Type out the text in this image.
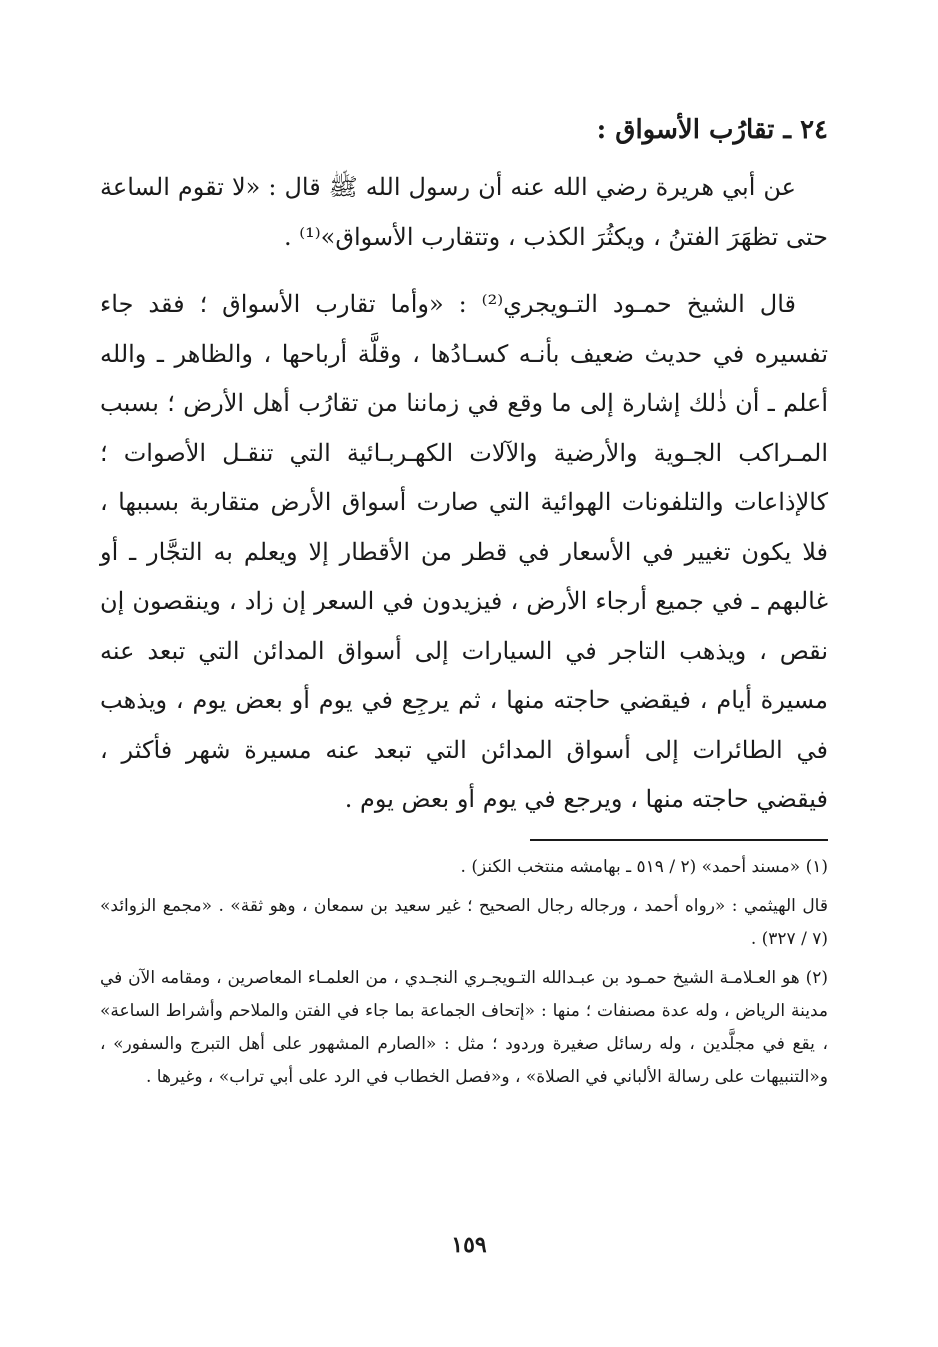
٢٤ ـ تقارُب الأسواق :

عن أبي هريرة رضي الله عنه أن رسول الله ﷺ قال : «لا تقوم الساعة حتى تظهَرَ الفتنُ ، ويكثُرَ الكذب ، وتتقارب الأسواق»⁽¹⁾ .

قال الشيخ حمـود التـويجري⁽²⁾ : «وأما تقارب الأسواق ؛ فقد جاء تفسيره في حديث ضعيف بأنـه كسـادُها ، وقلَّة أرباحها ، والظاهر ـ والله أعلم ـ أن ذٰلك إشارة إلى ما وقع في زماننا من تقارُب أهل الأرض ؛ بسبب المـراكب الجـوية والأرضية والآلات الكهـربـائية التي تنقـل الأصوات ؛ كالإذاعات والتلفونات الهوائية التي صارت أسواق الأرض متقاربة بسببها ، فلا يكون تغيير في الأسعار في قطر من الأقطار إلا ويعلم به التجَّار ـ أو غالبهم ـ في جميع أرجاء الأرض ، فيزيدون في السعر إن زاد ، وينقصون إن نقص ، ويذهب التاجر في السيارات إلى أسواق المدائن التي تبعد عنه مسيرة أيام ، فيقضي حاجته منها ، ثم يرجِع في يوم أو بعض يوم ، ويذهب في الطائرات إلى أسواق المدائن التي تبعد عنه مسيرة شهر فأكثر ، فيقضي حاجته منها ، ويرجع في يوم أو بعض يوم .

(١) «مسند أحمد» (٢ / ٥١٩ ـ بهامشه منتخب الكنز) .

قال الهيثمي : «رواه أحمد ، ورجاله رجال الصحيح ؛ غير سعيد بن سمعان ، وهو ثقة» . «مجمع الزوائد» (٧ / ٣٢٧) .

(٢) هو العـلامـة الشيخ حمـود بن عبـدالله التـويجـري النجـدي ، من العلمـاء المعاصرين ، ومقامه الآن في مدينة الرياض ، وله عدة مصنفات ؛ منها : «إتحاف الجماعة بما جاء في الفتن والملاحم وأشراط الساعة» ، يقع في مجلَّدين ، وله رسائل صغيرة وردود ؛ مثل : «الصارم المشهور على أهل التبرج والسفور» ، و«التنبيهات على رسالة الألباني في الصلاة» ، و«فصل الخطاب في الرد على أبي تراب» ، وغيرها .

١٥٩
